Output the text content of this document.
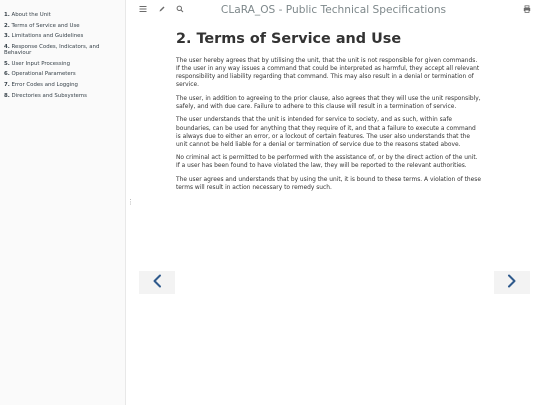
1. About the Unit
2. Terms of Service and Use
3. Limitations and Guidelines
4. Response Codes, Indicators, and Behaviour
5. User Input Processing
6. Operational Parameters
7. Error Codes and Logging
8. Directories and Subsystems
⋮
CLaRA_OS - Public Technical Specifications
2. Terms of Service and Use

The user hereby agrees that by utilising the unit, that the unit is not responsible for given commands. If the user in any way issues a command that could be interpreted as harmful, they accept all relevant responsibility and liability regarding that command. This may also result in a denial or termination of service.

The user, in addition to agreeing to the prior clause, also agrees that they will use the unit responsibly, safely, and with due care. Failure to adhere to this clause will result in a termination of service.

The user understands that the unit is intended for service to society, and as such, within safe boundaries, can be used for anything that they require of it, and that a failure to execute a command is always due to either an error, or a lockout of certain features. The user also understands that the unit cannot be held liable for a denial or termination of service due to the reasons stated above.

No criminal act is permitted to be performed with the assistance of, or by the direct action of the unit. If a user has been found to have violated the law, they will be reported to the relevant authorities.

The user agrees and understands that by using the unit, it is bound to these terms. A violation of these terms will result in action necessary to remedy such.
